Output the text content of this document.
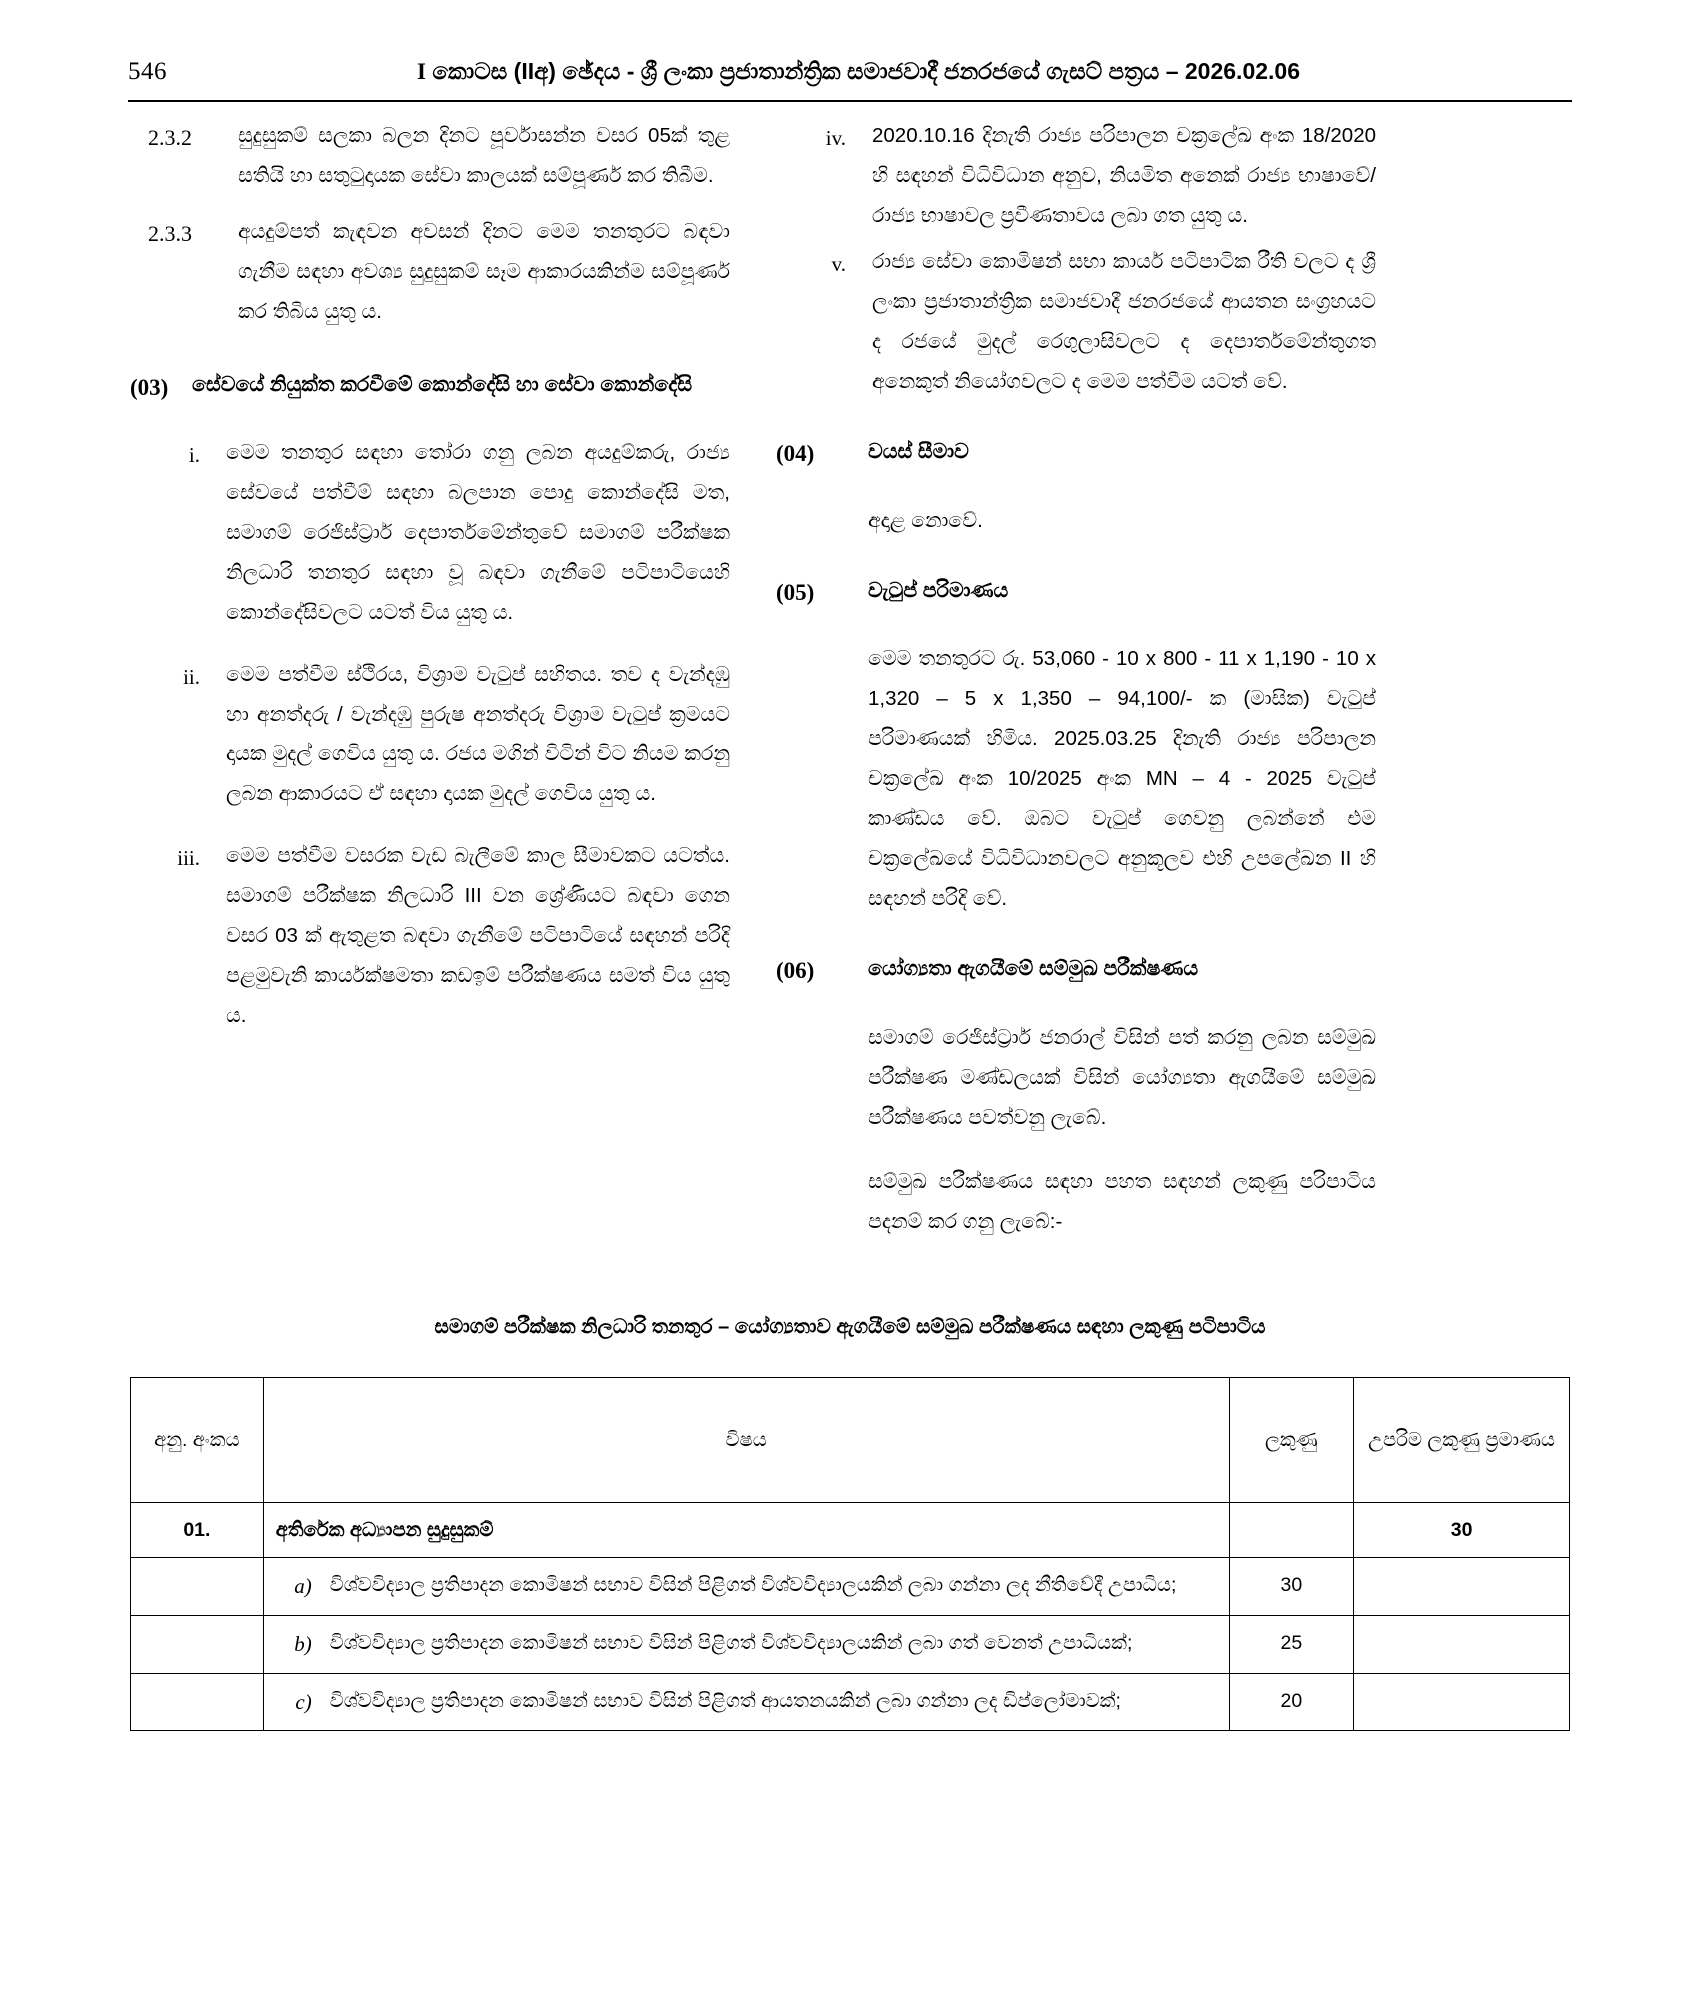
546	I කොටස (IIඅ) ඡේදය - ශ්‍රී ලංකා ප්‍රජාතාන්ත්‍රික සමාජවාදී ජනරජයේ ගැසට් පත්‍රය – 2026.02.06
2.3.2	සුදුසුකම් සලකා බලන දිනට පූර්වාසන්න වසර 05ක් තුළ සතියි හා සතුටුදායක සේවා කාලයක් සම්පූර්ණ කර තිබීම.
2.3.3	අයදුම්පත් කැඳවන අවසන් දිනට මෙම තනතුරට බඳවා ගැනීම සඳහා අවශ්‍ය සුදුසුකම් සෑම ආකාරයකින්ම සම්පූර්ණ කර තිබිය යුතු ය.
(03)	සේවයේ නියුක්ත කරවීමේ කොන්දේසි හා සේවා කොන්දේසි
i.	මෙම තනතුර සඳහා තෝරා ගනු ලබන අයදුම්කරු, රාජ්‍ය සේවයේ පත්වීම් සඳහා බලපාන පොදු කොන්දේසි මත, සමාගම් රෙජිස්ට්‍රාර් දෙපාර්තමේන්තුවේ සමාගම් පරීක්ෂක නිලධාරි තනතුර සඳහා වූ බඳවා ගැනීමේ පටිපාටියෙහි කොන්දේසිවලට යටත් විය යුතු ය.
ii.	මෙම පත්වීම ස්ථිරය, විශ්‍රාම වැටුප් සහිතය. තව ද වැන්දඹු හා අනත්දරු / වැන්දඹු පුරුෂ අනත්දරු විශ්‍රාම වැටුප් ක්‍රමයට දායක මුදල් ගෙවිය යුතු ය. රජය මගින් විටින් විට නියම කරනු ලබන ආකාරයට ඒ සඳහා දායක මුදල් ගෙවිය යුතු ය.
iii.	මෙම පත්වීම වසරක වැඩ බැලීමේ කාල සීමාවකට යටත්ය. සමාගම් පරීක්ෂක නිලධාරි III වන ශ්‍රේණියට බඳවා ගෙන වසර 03 ක් ඇතුළත බඳවා ගැනීමේ පටිපාටියේ සඳහන් පරිදි පළමුවැනි කාර්යක්ෂමතා කඩඉම් පරීක්ෂණය සමත් විය යුතු ය.
iv.	2020.10.16 දිනැති රාජ්‍ය පරිපාලන චක්‍රලේඛ අංක 18/2020 හි සඳහන් විධිවිධාන අනුව, නියමිත අනෙක් රාජ්‍ය භාෂාවේ/ රාජ්‍ය භාෂාවල ප්‍රවීණතාවය ලබා ගත යුතු ය.
v.	රාජ්‍ය සේවා කොමිෂන් සභා කාර්ය පටිපාටික රීති වලට ද ශ්‍රී ලංකා ප්‍රජාතාන්ත්‍රික සමාජවාදී ජනරජයේ ආයතන සංග්‍රහයට ද රජයේ මුදල් රෙගුලාසිවලට ද දෙපාර්තමේන්තුගත අනෙකුත් නියෝගවලට ද මෙම පත්වීම යටත් වේ.
(04)	වයස් සීමාව
අදාළ නොවේ.
(05)	වැටුප් පරිමාණය
මෙම තනතුරට රු. 53,060 - 10 x 800 - 11 x 1,190 - 10 x 1,320 – 5 x 1,350 – 94,100/- ක (මාසික) වැටුප් පරිමාණයක් හිමිය. 2025.03.25 දිනැති රාජ්‍ය පරිපාලන චක්‍රලේඛ අංක 10/2025 අංක MN – 4 - 2025 වැටුප් කාණ්ඩය වේ. ඔබට වැටුප් ගෙවනු ලබන්නේ එම චක්‍රලේඛයේ විධිවිධානවලට අනුකූලව එහි උපලේඛන II හි සඳහන් පරිදි වේ.
(06)	යෝග්‍යතා ඇගයීමේ සම්මුඛ පරීක්ෂණය
සමාගම් රෙජිස්ට්‍රාර් ජනරාල් විසින් පත් කරනු ලබන සම්මුඛ පරීක්ෂණ මණ්ඩලයක් විසින් යෝග්‍යතා ඇගයීමේ සම්මුඛ පරීක්ෂණය පවත්වනු ලැබේ.
සම්මුඛ පරීක්ෂණය සඳහා පහත සඳහන් ලකුණු පරිපාටිය පදනම් කර ගනු ලැබේ:-
සමාගම් පරීක්ෂක නිලධාරි තනතුර – යෝග්‍යතාව ඇගයීමේ සම්මුඛ පරීක්ෂණය සඳහා ලකුණු පටිපාටිය
අනු. අංකය	විෂය	ලකුණු	උපරිම ලකුණු ප්‍රමාණය
01.	අතිරේක අධ්‍යාපන සුදුසුකම්		30
	a) විශ්වවිද්‍යාල ප්‍රතිපාදන කොමිෂන් සභාව විසින් පිළිගත් විශ්වවිද්‍යාලයකින් ලබා ගන්නා ලද නීතිවේදී උපාධිය;	30	
	b) විශ්වවිද්‍යාල ප්‍රතිපාදන කොමිෂන් සභාව විසින් පිළිගත් විශ්වවිද්‍යාලයකින් ලබා ගත් වෙනත් උපාධියක්;	25	
	c) විශ්වවිද්‍යාල ප්‍රතිපාදන කොමිෂන් සභාව විසින් පිළිගත් ආයතනයකින් ලබා ගන්නා ලද ඩිප්ලෝමාවක්;	20	
